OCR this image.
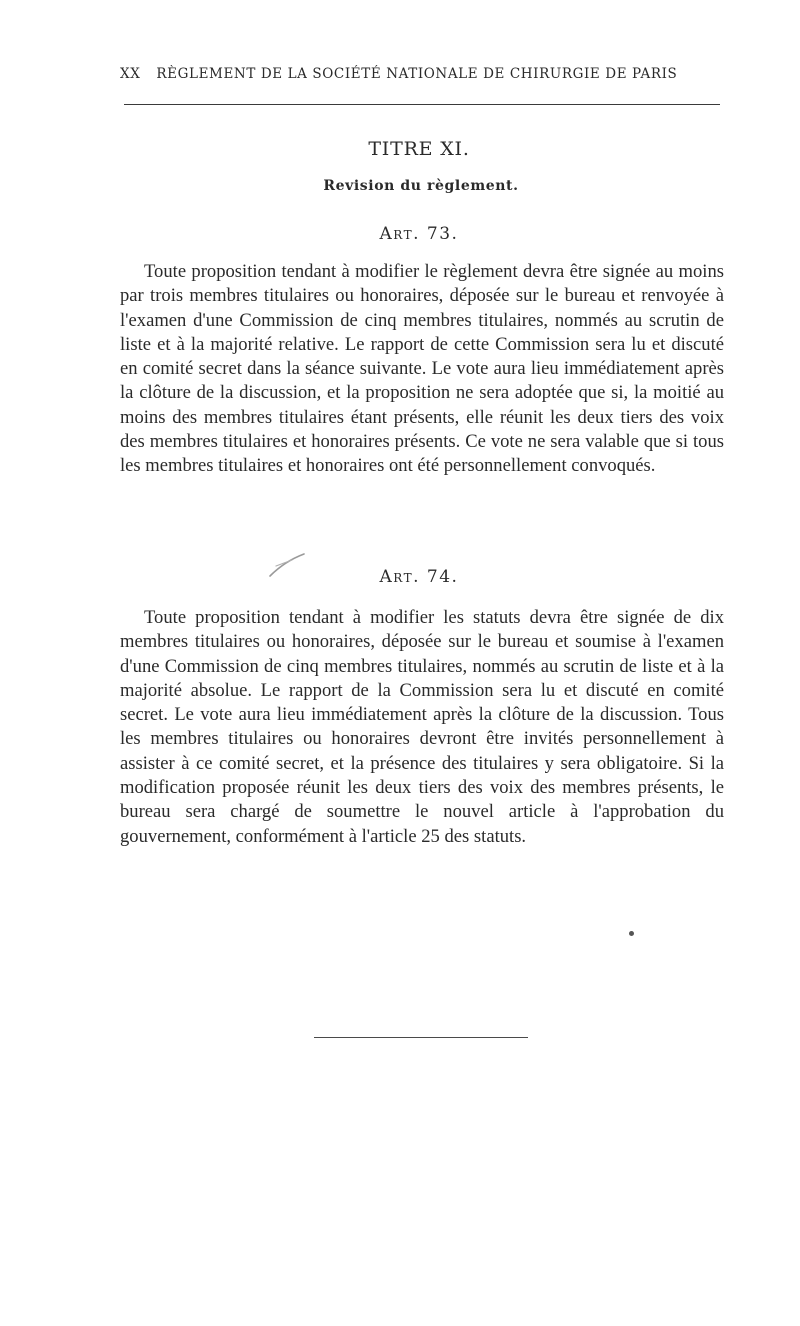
XX RÈGLEMENT DE LA SOCIÉTÉ NATIONALE DE CHIRURGIE DE PARIS
TITRE XI.
Revision du règlement.
Art. 73.

Toute proposition tendant à modifier le règlement devra être signée au moins par trois membres titulaires ou honoraires, déposée sur le bureau et renvoyée à l'examen d'une Commission de cinq membres titulaires, nommés au scrutin de liste et à la majorité relative. Le rapport de cette Commission sera lu et discuté en comité secret dans la séance suivante. Le vote aura lieu immédiatement après la clôture de la discussion, et la proposition ne sera adoptée que si, la moitié au moins des membres titulaires étant présents, elle réunit les deux tiers des voix des membres titulaires et honoraires présents. Ce vote ne sera valable que si tous les membres titulaires et honoraires ont été personnellement convoqués.

Art. 74.

Toute proposition tendant à modifier les statuts devra être signée de dix membres titulaires ou honoraires, déposée sur le bureau et soumise à l'examen d'une Commission de cinq membres titulaires, nommés au scrutin de liste et à la majorité absolue. Le rapport de la Commission sera lu et discuté en comité secret. Le vote aura lieu immédiatement après la clôture de la discussion. Tous les membres titulaires ou honoraires devront être invités personnellement à assister à ce comité secret, et la présence des titulaires y sera obligatoire. Si la modification proposée réunit les deux tiers des voix des membres présents, le bureau sera chargé de soumettre le nouvel article à l'approbation du gouvernement, conformément à l'article 25 des statuts.
